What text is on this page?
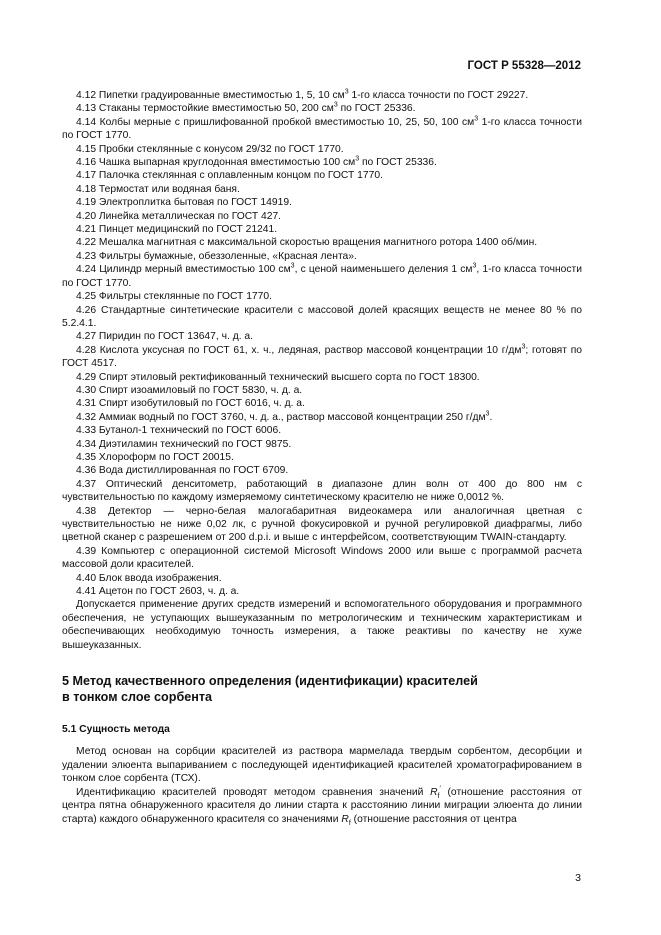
ГОСТ Р 55328—2012

4.12 Пипетки градуированные вместимостью 1, 5, 10 $см^3$ 1-го класса точности по ГОСТ 29227.

4.13 Стаканы термостойкие вместимостью 50, 200 $см^3$ по ГОСТ 25336.

4.14 Колбы мерные с пришлифованной пробкой вместимостью 10, 25, 50, 100 $см^3$ 1-го класса точности по ГОСТ 1770.

4.15 Пробки стеклянные с конусом 29/32 по ГОСТ 1770.

4.16 Чашка выпарная круглодонная вместимостью 100 $см^3$ по ГОСТ 25336.

4.17 Палочка стеклянная с оплавленным концом по ГОСТ 1770.

4.18 Термостат или водяная баня.

4.19 Электроплитка бытовая по ГОСТ 14919.

4.20 Линейка металлическая по ГОСТ 427.

4.21 Пинцет медицинский по ГОСТ 21241.

4.22 Мешалка магнитная с максимальной скоростью вращения магнитного ротора 1400 об/мин.

4.23 Фильтры бумажные, обеззоленные, «Красная лента».

4.24 Цилиндр мерный вместимостью 100 $см^3$, с ценой наименьшего деления 1 $см^3$, 1-го класса точности по ГОСТ 1770.

4.25 Фильтры стеклянные по ГОСТ 1770.

4.26 Стандартные синтетические красители с массовой долей красящих веществ не менее 80 % по 5.2.4.1.

4.27 Пиридин по ГОСТ 13647, ч. д. а.

4.28 Кислота уксусная по ГОСТ 61, х. ч., ледяная, раствор массовой концентрации 10 $г/дм^3$; готовят по ГОСТ 4517.

4.29 Спирт этиловый ректификованный технический высшего сорта по ГОСТ 18300.

4.30 Спирт изоамиловый по ГОСТ 5830, ч. д. а.

4.31 Спирт изобутиловый по ГОСТ 6016, ч. д. а.

4.32 Аммиак водный по ГОСТ 3760, ч. д. а., раствор массовой концентрации 250 $г/дм^3$.

4.33 Бутанол-1 технический по ГОСТ 6006.

4.34 Диэтиламин технический по ГОСТ 9875.

4.35 Хлороформ по ГОСТ 20015.

4.36 Вода дистиллированная по ГОСТ 6709.

4.37 Оптический денситометр, работающий в диапазоне длин волн от 400 до 800 нм с чувствительностью по каждому измеряемому синтетическому красителю не ниже 0,0012 %.

4.38 Детектор — черно-белая малогабаритная видеокамера или аналогичная цветная с чувствительностью не ниже 0,02 лк, с ручной фокусировкой и ручной регулировкой диафрагмы, либо цветной сканер с разрешением от 200 d.p.i. и выше с интерфейсом, соответствующим TWAIN-стандарту.

4.39 Компьютер с операционной системой Microsoft Windows 2000 или выше с программой расчета массовой доли красителей.

4.40 Блок ввода изображения.

4.41 Ацетон по ГОСТ 2603, ч. д. а.

Допускается применение других средств измерений и вспомогательного оборудования и программного обеспечения, не уступающих вышеуказанным по метрологическим и техническим характеристикам и обеспечивающих необходимую точность измерения, а также реактивы по качеству не хуже вышеуказанных.

5 Метод качественного определения (идентификации) красителей
в тонком слое сорбента
5.1 Сущность метода

Метод основан на сорбции красителей из раствора мармелада твердым сорбентом, десорбции и удалении элюента выпариванием с последующей идентификацией красителей хроматографированием в тонком слое сорбента (ТСХ).

Идентификацию красителей проводят методом сравнения значений $R_f'$ (отношение расстояния от центра пятна обнаруженного красителя до линии старта к расстоянию линии миграции элюента до линии старта) каждого обнаруженного красителя со значениями $R_f$ (отношение расстояния от центра

3
